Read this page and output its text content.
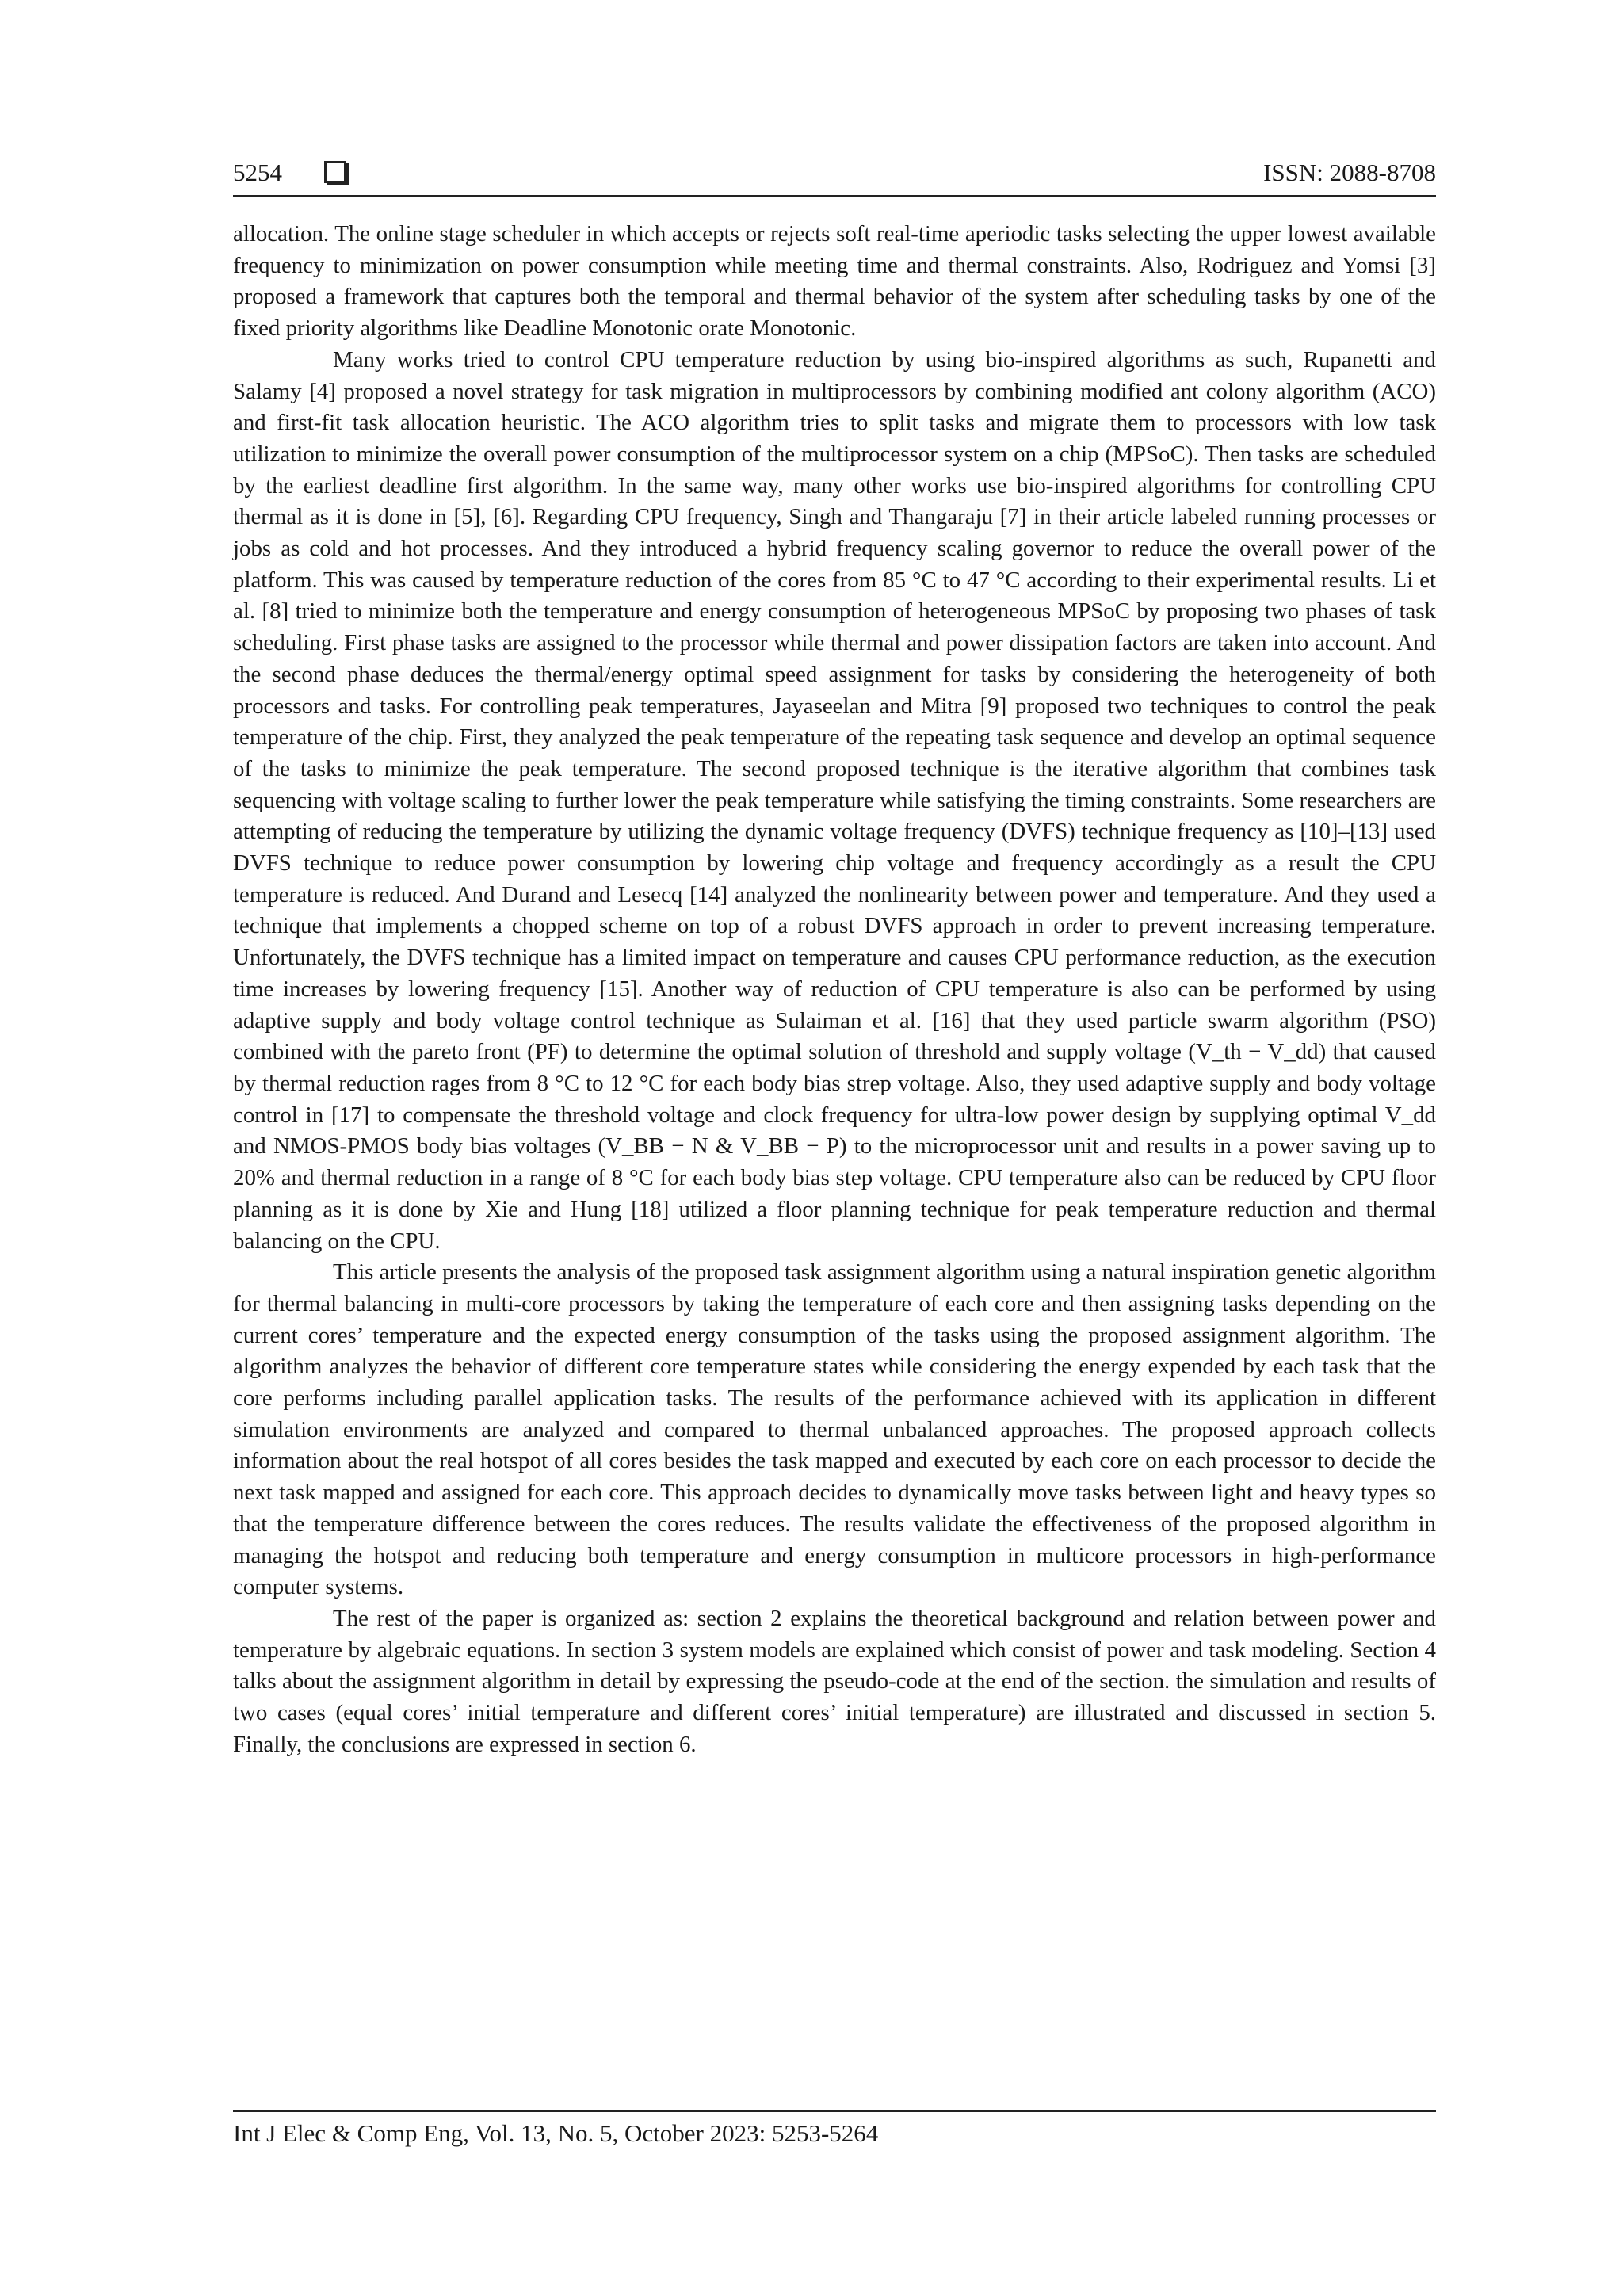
5254	ISSN: 2088-8708

allocation. The online stage scheduler in which accepts or rejects soft real-time aperiodic tasks selecting the upper lowest available frequency to minimization on power consumption while meeting time and thermal constraints. Also, Rodriguez and Yomsi [3] proposed a framework that captures both the temporal and thermal behavior of the system after scheduling tasks by one of the fixed priority algorithms like Deadline Monotonic orate Monotonic.

Many works tried to control CPU temperature reduction by using bio-inspired algorithms as such, Rupanetti and Salamy [4] proposed a novel strategy for task migration in multiprocessors by combining modified ant colony algorithm (ACO) and first-fit task allocation heuristic. The ACO algorithm tries to split tasks and migrate them to processors with low task utilization to minimize the overall power consumption of the multiprocessor system on a chip (MPSoC). Then tasks are scheduled by the earliest deadline first algorithm. In the same way, many other works use bio-inspired algorithms for controlling CPU thermal as it is done in [5], [6]. Regarding CPU frequency, Singh and Thangaraju [7] in their article labeled running processes or jobs as cold and hot processes. And they introduced a hybrid frequency scaling governor to reduce the overall power of the platform. This was caused by temperature reduction of the cores from 85 °C to 47 °C according to their experimental results. Li et al. [8] tried to minimize both the temperature and energy consumption of heterogeneous MPSoC by proposing two phases of task scheduling. First phase tasks are assigned to the processor while thermal and power dissipation factors are taken into account. And the second phase deduces the thermal/energy optimal speed assignment for tasks by considering the heterogeneity of both processors and tasks. For controlling peak temperatures, Jayaseelan and Mitra [9] proposed two techniques to control the peak temperature of the chip. First, they analyzed the peak temperature of the repeating task sequence and develop an optimal sequence of the tasks to minimize the peak temperature. The second proposed technique is the iterative algorithm that combines task sequencing with voltage scaling to further lower the peak temperature while satisfying the timing constraints. Some researchers are attempting of reducing the temperature by utilizing the dynamic voltage frequency (DVFS) technique frequency as [10]–[13] used DVFS technique to reduce power consumption by lowering chip voltage and frequency accordingly as a result the CPU temperature is reduced. And Durand and Lesecq [14] analyzed the nonlinearity between power and temperature. And they used a technique that implements a chopped scheme on top of a robust DVFS approach in order to prevent increasing temperature. Unfortunately, the DVFS technique has a limited impact on temperature and causes CPU performance reduction, as the execution time increases by lowering frequency [15]. Another way of reduction of CPU temperature is also can be performed by using adaptive supply and body voltage control technique as Sulaiman et al. [16] that they used particle swarm algorithm (PSO) combined with the pareto front (PF) to determine the optimal solution of threshold and supply voltage (V_th − V_dd) that caused by thermal reduction rages from 8 °C to 12 °C for each body bias strep voltage. Also, they used adaptive supply and body voltage control in [17] to compensate the threshold voltage and clock frequency for ultra-low power design by supplying optimal V_dd and NMOS-PMOS body bias voltages (V_BB − N & V_BB − P) to the microprocessor unit and results in a power saving up to 20% and thermal reduction in a range of 8 °C for each body bias step voltage. CPU temperature also can be reduced by CPU floor planning as it is done by Xie and Hung [18] utilized a floor planning technique for peak temperature reduction and thermal balancing on the CPU.

This article presents the analysis of the proposed task assignment algorithm using a natural inspiration genetic algorithm for thermal balancing in multi-core processors by taking the temperature of each core and then assigning tasks depending on the current cores’ temperature and the expected energy consumption of the tasks using the proposed assignment algorithm. The algorithm analyzes the behavior of different core temperature states while considering the energy expended by each task that the core performs including parallel application tasks. The results of the performance achieved with its application in different simulation environments are analyzed and compared to thermal unbalanced approaches. The proposed approach collects information about the real hotspot of all cores besides the task mapped and executed by each core on each processor to decide the next task mapped and assigned for each core. This approach decides to dynamically move tasks between light and heavy types so that the temperature difference between the cores reduces. The results validate the effectiveness of the proposed algorithm in managing the hotspot and reducing both temperature and energy consumption in multicore processors in high-performance computer systems.

The rest of the paper is organized as: section 2 explains the theoretical background and relation between power and temperature by algebraic equations. In section 3 system models are explained which consist of power and task modeling. Section 4 talks about the assignment algorithm in detail by expressing the pseudo-code at the end of the section. the simulation and results of two cases (equal cores’ initial temperature and different cores’ initial temperature) are illustrated and discussed in section 5. Finally, the conclusions are expressed in section 6.

Int J Elec & Comp Eng, Vol. 13, No. 5, October 2023: 5253-5264
